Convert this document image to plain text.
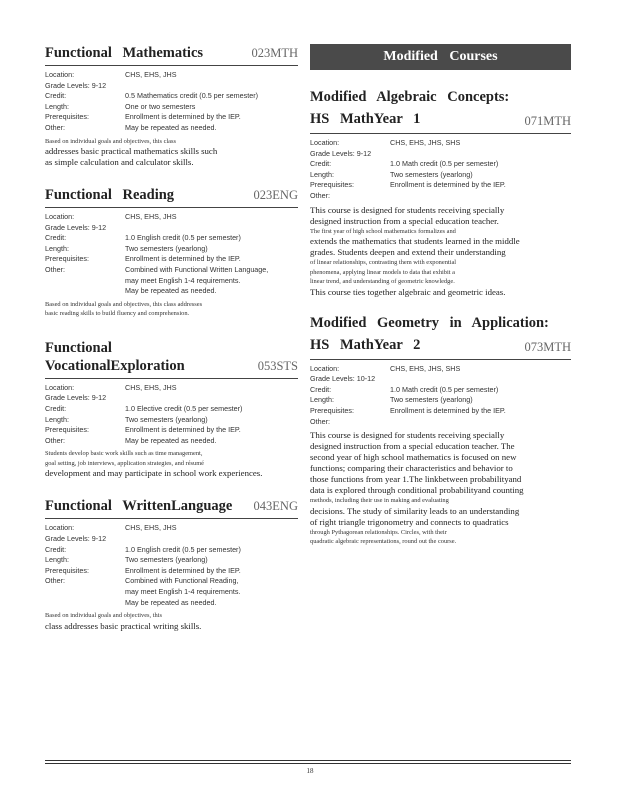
Functional Mathematics	023MTH
Location:	CHS, EHS, JHS
Grade Levels: 9-12
Credit:	0.5 Mathematics credit (0.5 per semester)
Length:	One or two semesters
Prerequisites:	Enrollment is determined by the IEP.
Other:	May be repeated as needed.
Based on individual goals and objectives, this class
addresses basic practical mathematics skills such
as simple calculation and calculator skills.
Functional Reading	023ENG
Location:	CHS, EHS, JHS
Grade Levels: 9-12
Credit:	1.0 English credit (0.5 per semester)
Length:	Two semesters (yearlong)
Prerequisites:	Enrollment is determined by the IEP.
Other:	Combined with Functional Written Language,
may meet English 1-4 requirements.
May be repeated as needed.
Based on individual goals and objectives, this class addresses
basic reading skills to build fluency and comprehension.
Functional VocationalExploration	053STS
Location:	CHS, EHS, JHS
Grade Levels: 9-12
Credit:	1.0 Elective credit (0.5 per semester)
Length:	Two semesters (yearlong)
Prerequisites:	Enrollment is determined by the IEP.
Other:	May be repeated as needed.
Students develop basic work skills such as time management,
goal setting, job interviews, application strategies, and résumé
development and may participate in school work experiences.
Functional WrittenLanguage 043ENG
Location:	CHS, EHS, JHS
Grade Levels: 9-12
Credit:	1.0 English credit (0.5 per semester)
Length:	Two semesters (yearlong)
Prerequisites:	Enrollment is determined by the IEP.
Other:	Combined with Functional Reading,
may meet English 1-4 requirements.
May be repeated as needed.
Based on individual goals and objectives, this
class addresses basic practical writing skills.
Modified Courses
Modified Algebraic Concepts:
HS MathYear 1	071MTH
Location:	CHS, EHS, JHS, SHS
Grade Levels: 9-12
Credit:	1.0 Math credit (0.5 per semester)
Length:	Two semesters (yearlong)
Prerequisites:	Enrollment is determined by the IEP.
Other:
This course is designed for students receiving specially
designed instruction from a special education teacher.
The first year of high school mathematics formalizes and
extends the mathematics that students learned in the middle
grades. Students deepen and extend their understanding
of linear relationships, contrasting them with exponential
phenomena, applying linear models to data that exhibit a
linear trend, and understanding of geometric knowledge.
This course ties together algebraic and geometric ideas.
Modified Geometry in Application:
HS MathYear 2	073MTH
Location:	CHS, EHS, JHS, SHS
Grade Levels: 10-12
Credit:	1.0 Math credit (0.5 per semester)
Length:	Two semesters (yearlong)
Prerequisites:	Enrollment is determined by the IEP.
Other:
This course is designed for students receiving specially
designed instruction from a special education teacher. The
second year of high school mathematics is focused on new
functions; comparing their characteristics and behavior to
those functions from year 1.The linkbetween probabilityand
data is explored through conditional probabilityand counting
methods, including their use in making and evaluating
decisions. The study of similarity leads to an understanding
of right triangle trigonometry and connects to quadratics
through Pythagorean relationships. Circles, with their
quadratic algebraic representations, round out the course.
18
